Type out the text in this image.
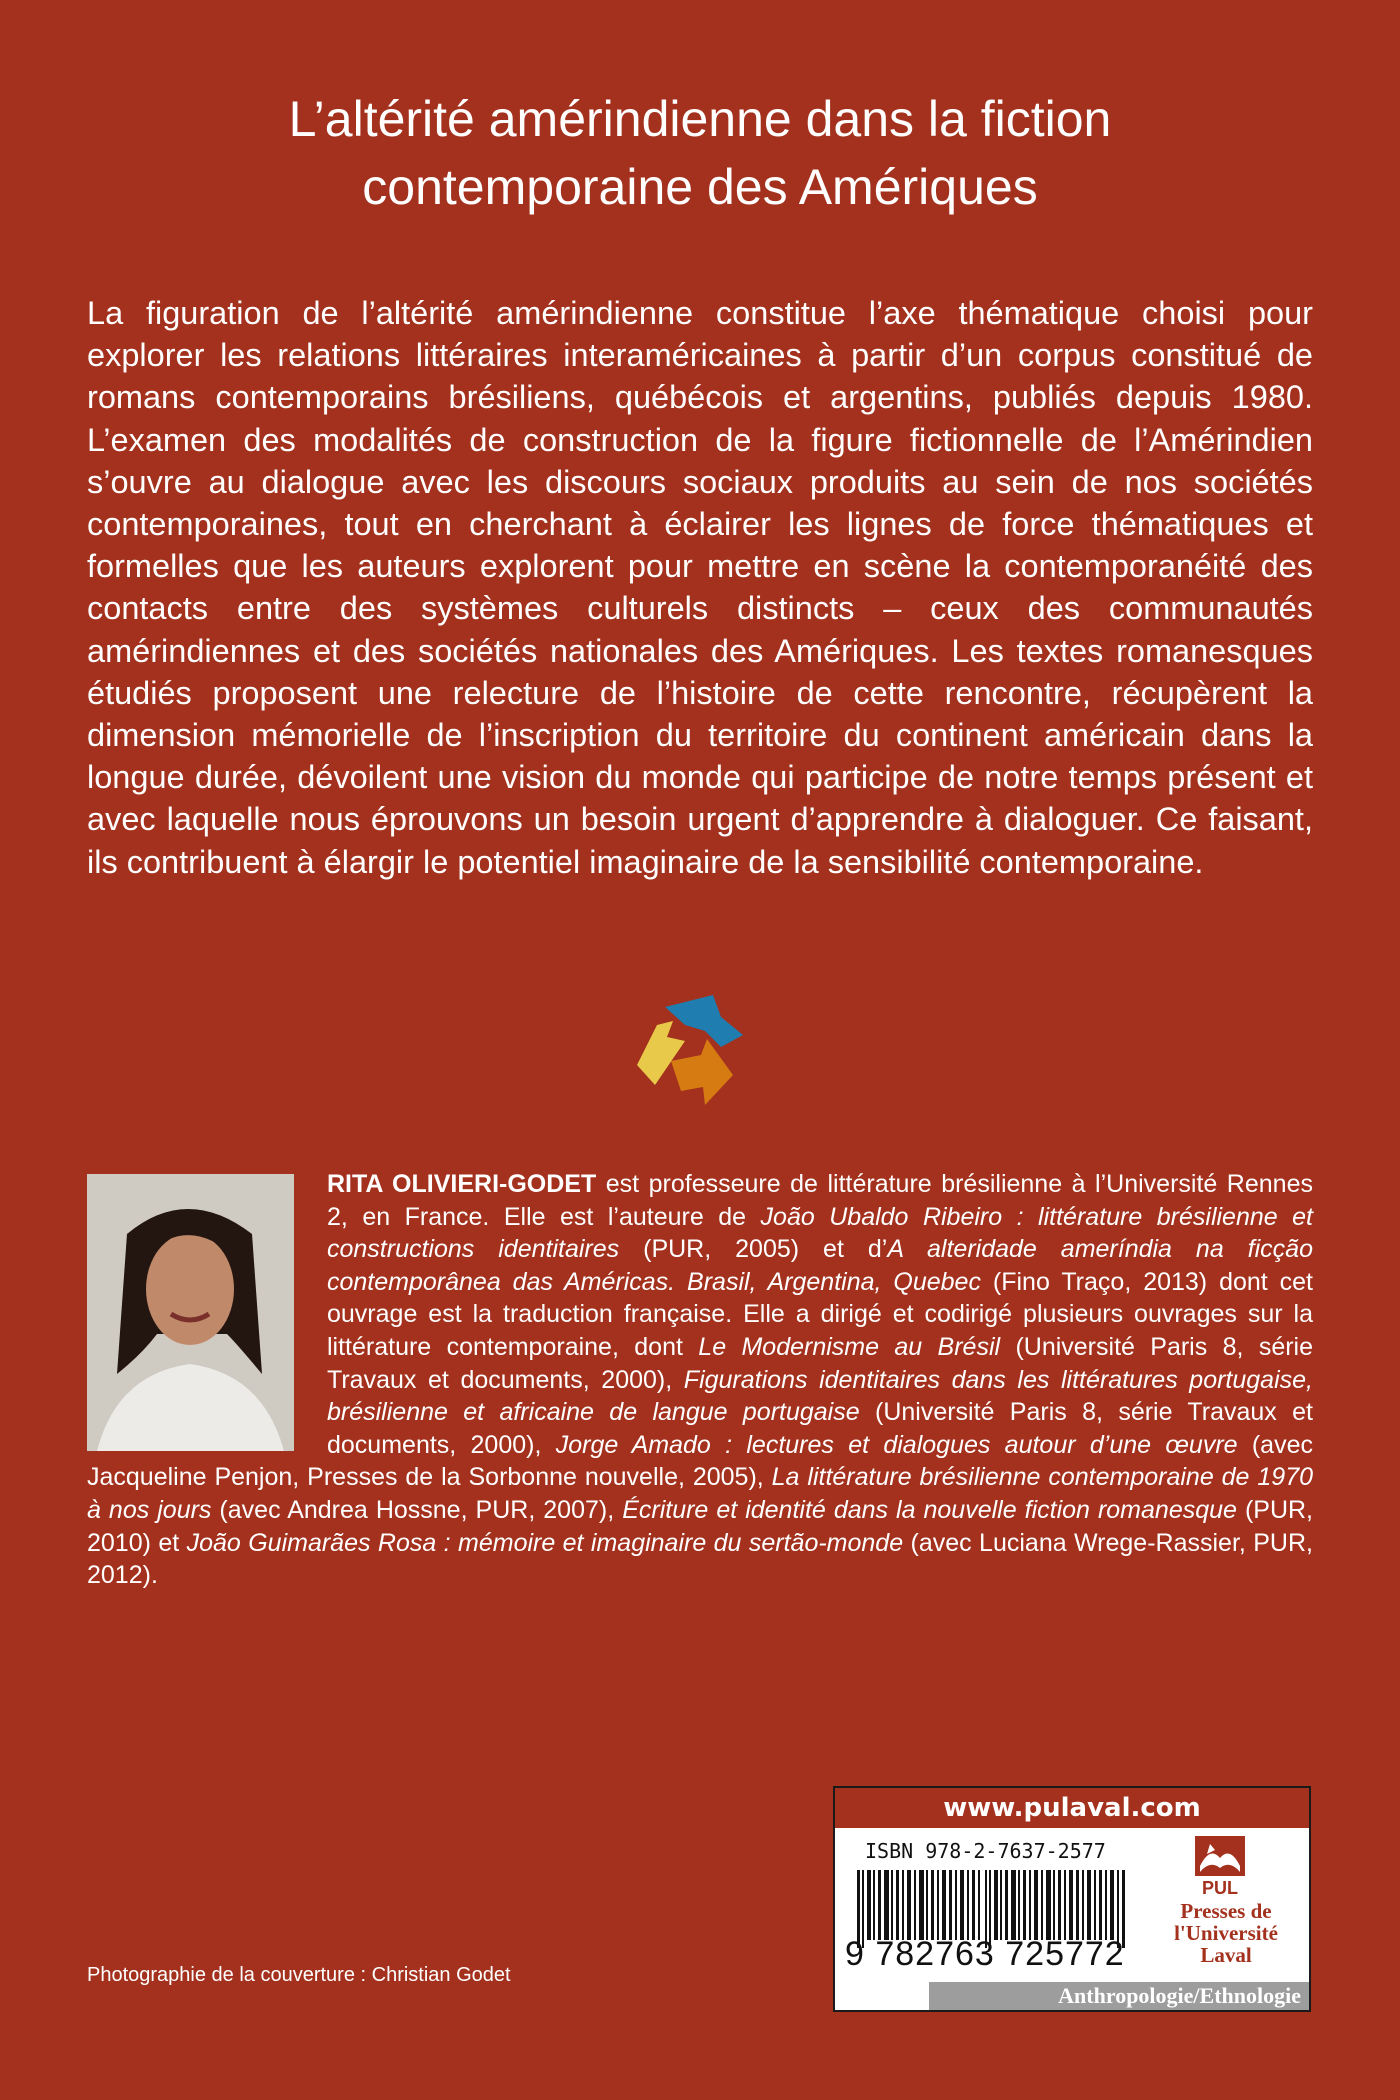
L’altérité amérindienne dans la fiction
contemporaine des Amériques

La figuration de l’altérité amérindienne constitue l’axe thématique choisi pour explorer les relations littéraires interaméricaines à partir d’un corpus constitué de romans contemporains brésiliens, québécois et argentins, publiés depuis 1980. L’examen des modalités de construction de la figure fictionnelle de l’Amérindien s’ouvre au dialogue avec les discours sociaux produits au sein de nos sociétés contemporaines, tout en cherchant à éclairer les lignes de force thématiques et formelles que les auteurs explorent pour mettre en scène la contemporanéité des contacts entre des systèmes culturels distincts – ceux des communautés amérindiennes et des sociétés nationales des Amériques. Les textes romanesques étudiés proposent une relecture de l’histoire de cette rencontre, récupèrent la dimension mémorielle de l’inscription du territoire du continent américain dans la longue durée, dévoilent une vision du monde qui participe de notre temps présent et avec laquelle nous éprouvons un besoin urgent d’apprendre à dialoguer. Ce faisant, ils contribuent à élargir le potentiel imaginaire de la sensibilité contemporaine.

RITA OLIVIERI-GODET est professeure de littérature brésilienne à l’Université Rennes 2, en France. Elle est l’auteure de João Ubaldo Ribeiro : littérature brésilienne et constructions identitaires (PUR, 2005) et d’A alteridade ameríndia na ficção contemporânea das Américas. Brasil, Argentina, Quebec (Fino Traço, 2013) dont cet ouvrage est la traduction française. Elle a dirigé et codirigé plusieurs ouvrages sur la littérature contemporaine, dont Le Modernisme au Brésil (Université Paris 8, série Travaux et documents, 2000), Figurations identitaires dans les littératures portugaise, brésilienne et africaine de langue portugaise (Université Paris 8, série Travaux et documents, 2000), Jorge Amado : lectures et dialogues autour d’une œuvre (avec Jacqueline Penjon, Presses de la Sorbonne nouvelle, 2005), La littérature brésilienne contemporaine de 1970 à nos jours (avec Andrea Hossne, PUR, 2007), Écriture et identité dans la nouvelle fiction romanesque (PUR, 2010) et João Guimarães Rosa : mémoire et imaginaire du sertão-monde (avec Luciana Wrege-Rassier, PUR, 2012).
Photographie de la couverture : Christian Godet
www.pulaval.com
ISBN 978-2-7637-2577
9 782763 725772
PUL
Presses de
l'Université
Laval
Anthropologie/Ethnologie
